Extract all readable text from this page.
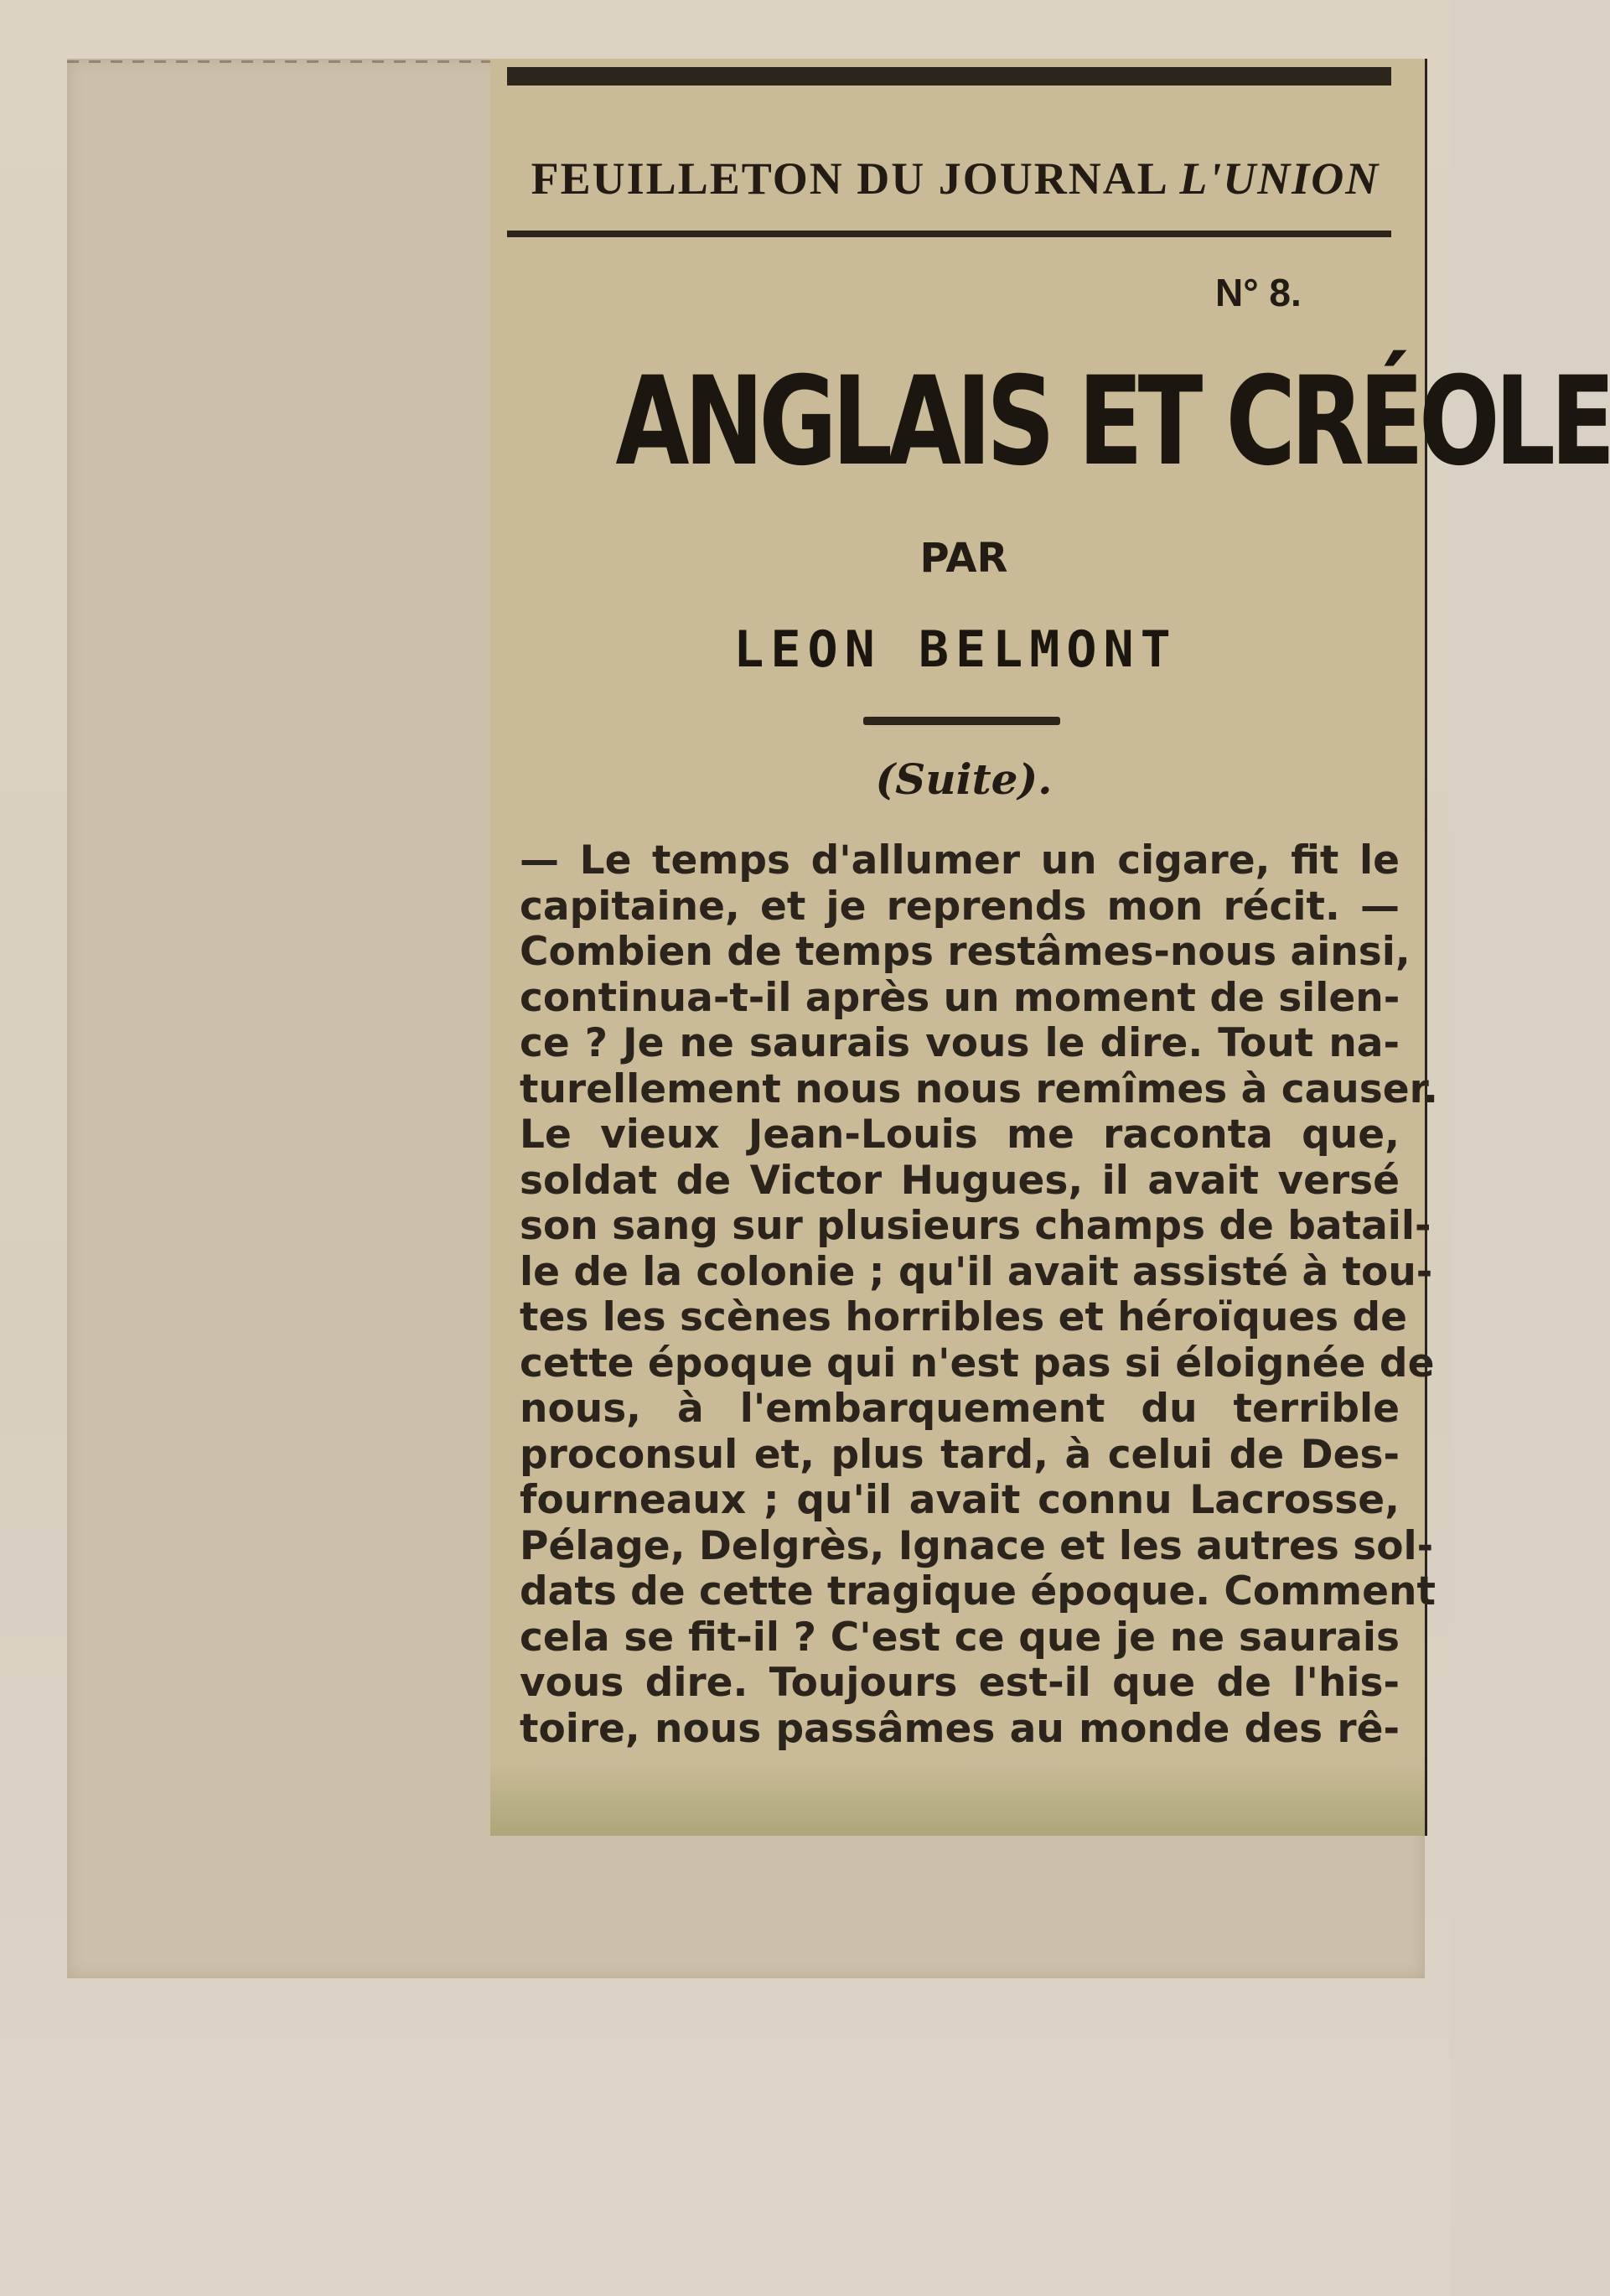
FEUILLETON DU JOURNAL L'UNION
N° 8.
ANGLAIS ET CRÉOLE
PAR
LEON BELMONT
(Suite).
— Le temps d'allumer un cigare, fit le
capitaine, et je reprends mon récit. —
Combien de temps restâmes-nous ainsi,
continua-t-il après un moment de silen-
ce ? Je ne saurais vous le dire. Tout na-
turellement nous nous remîmes à causer.
Le vieux Jean-Louis me raconta que,
soldat de Victor Hugues, il avait versé
son sang sur plusieurs champs de batail-
le de la colonie ; qu'il avait assisté à tou-
tes les scènes horribles et héroïques de
cette époque qui n'est pas si éloignée de
nous, à l'embarquement du terrible
proconsul et, plus tard, à celui de Des-
fourneaux ; qu'il avait connu Lacrosse,
Pélage, Delgrès, Ignace et les autres sol-
dats de cette tragique époque. Comment
cela se fit-il ? C'est ce que je ne saurais
vous dire. Toujours est-il que de l'his-
toire, nous passâmes au monde des rê-
